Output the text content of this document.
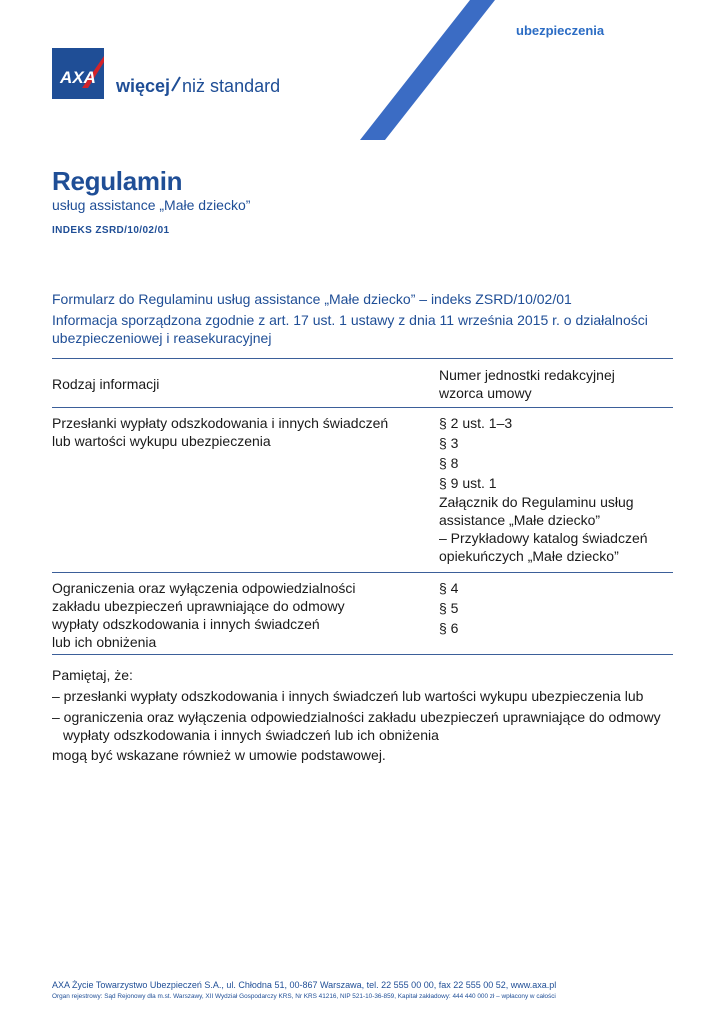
AXA więcej niż standard
ubezpieczenia
Regulamin
usług assistance „Małe dziecko”
INDEKS ZSRD/10/02/01
Formularz do Regulaminu usług assistance „Małe dziecko” – indeks ZSRD/10/02/01
Informacja sporządzona zgodnie z art. 17 ust. 1 ustawy z dnia 11 września 2015 r. o działalności ubezpieczeniowej i reasekuracyjnej
Rodzaj informacji
Numer jednostki redakcyjnej
wzorca umowy
Przesłanki wypłaty odszkodowania i innych świadczeń
lub wartości wykupu ubezpieczenia
§ 2 ust. 1–3
§ 3
§ 8
§ 9 ust. 1
Załącznik do Regulaminu usług
assistance „Małe dziecko”
– Przykładowy katalog świadczeń
opiekuńczych „Małe dziecko”
Ograniczenia oraz wyłączenia odpowiedzialności
zakładu ubezpieczeń uprawniające do odmowy
wypłaty odszkodowania i innych świadczeń
lub ich obniżenia
§ 4
§ 5
§ 6
Pamiętaj, że:
– przesłanki wypłaty odszkodowania i innych świadczeń lub wartości wykupu ubezpieczenia lub
– ograniczenia oraz wyłączenia odpowiedzialności zakładu ubezpieczeń uprawniające do odmowy wypłaty odszkodowania i innych świadczeń lub ich obniżenia
mogą być wskazane również w umowie podstawowej.
AXA Życie Towarzystwo Ubezpieczeń S.A., ul. Chłodna 51, 00-867 Warszawa, tel. 22 555 00 00, fax 22 555 00 52, www.axa.pl
Organ rejestrowy: Sąd Rejonowy dla m.st. Warszawy, XII Wydział Gospodarczy KRS, Nr KRS 41216, NIP 521-10-36-859, Kapitał zakładowy: 444 440 000 zł – wpłacony w całości
